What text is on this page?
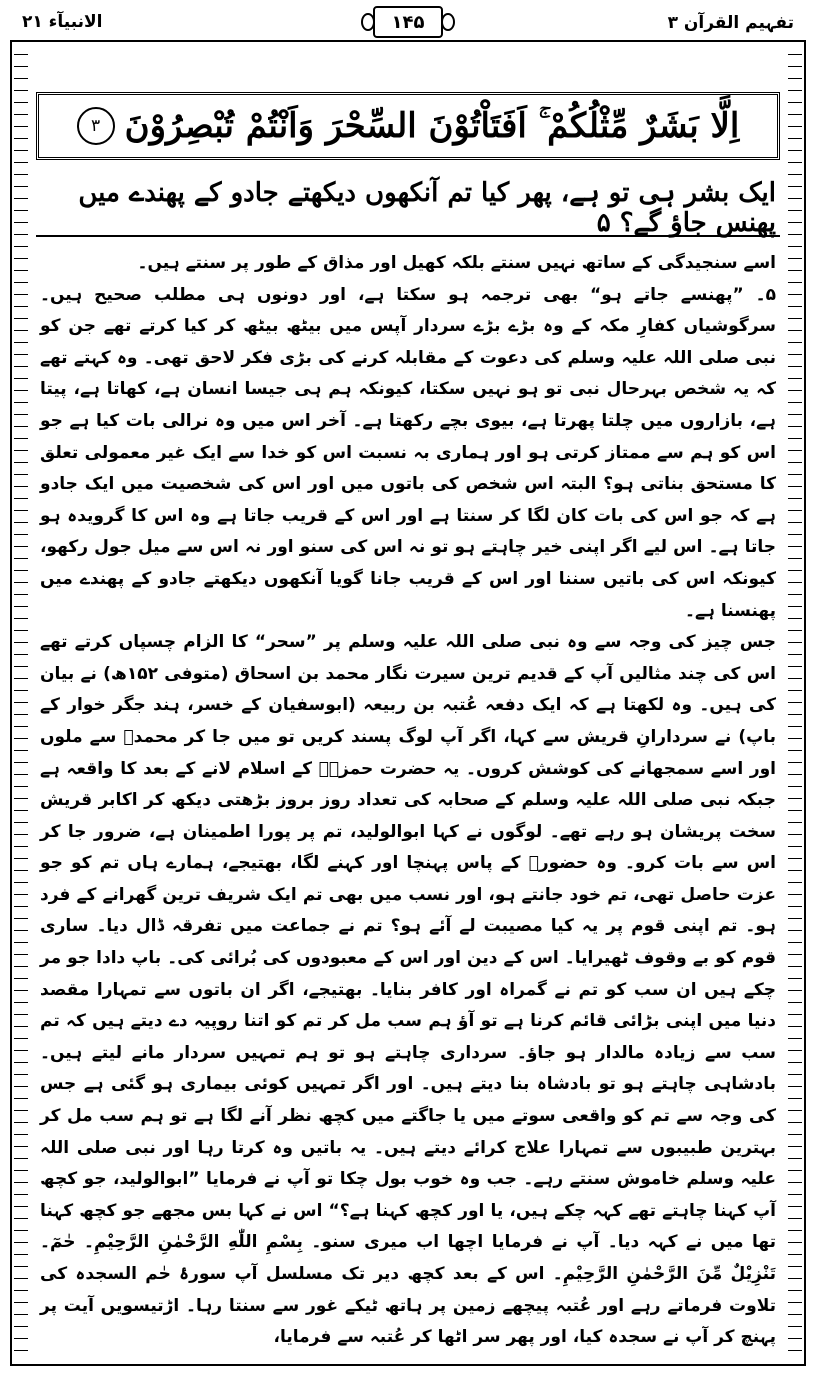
تفہیم القرآن ۳
۱۴۵
الانبیآء ۲۱
اِلَّا بَشَرٌ مِّثْلُكُمْ ۚ اَفَتَاْتُوْنَ السِّحْرَ وَاَنْتُمْ تُبْصِرُوْنَ
۳
ایک بشر ہی تو ہے، پھر کیا تم آنکھوں دیکھتے جادو کے پھندے میں پھنس جاؤ گے؟ ۵

اسے سنجیدگی کے ساتھ نہیں سنتے بلکہ کھیل اور مذاق کے طور پر سنتے ہیں۔

۵۔ ”پھنسے جاتے ہو“ بھی ترجمہ ہو سکتا ہے، اور دونوں ہی مطلب صحیح ہیں۔ سرگوشیاں کفارِ مکہ کے وہ بڑے بڑے سردار آپس میں بیٹھ بیٹھ کر کیا کرتے تھے جن کو نبی صلی اللہ علیہ وسلم کی دعوت کے مقابلہ کرنے کی بڑی فکر لاحق تھی۔ وہ کہتے تھے کہ یہ شخص بہرحال نبی تو ہو نہیں سکتا، کیونکہ ہم ہی جیسا انسان ہے، کھاتا ہے، پیتا ہے، بازاروں میں چلتا پھرتا ہے، بیوی بچے رکھتا ہے۔ آخر اس میں وہ نرالی بات کیا ہے جو اس کو ہم سے ممتاز کرتی ہو اور ہماری بہ نسبت اس کو خدا سے ایک غیر معمولی تعلق کا مستحق بناتی ہو؟ البتہ اس شخص کی باتوں میں اور اس کی شخصیت میں ایک جادو ہے کہ جو اس کی بات کان لگا کر سنتا ہے اور اس کے قریب جاتا ہے وہ اس کا گرویدہ ہو جاتا ہے۔ اس لیے اگر اپنی خیر چاہتے ہو تو نہ اس کی سنو اور نہ اس سے میل جول رکھو، کیونکہ اس کی باتیں سننا اور اس کے قریب جانا گویا آنکھوں دیکھتے جادو کے پھندے میں پھنسنا ہے۔

جس چیز کی وجہ سے وہ نبی صلی اللہ علیہ وسلم پر ”سحر“ کا الزام چسپاں کرتے تھے اس کی چند مثالیں آپ کے قدیم ترین سیرت نگار محمد بن اسحاق (متوفی ۱۵۲ھ) نے بیان کی ہیں۔ وہ لکھتا ہے کہ ایک دفعہ عُتبہ بن ربیعہ (ابوسفیان کے خسر، ہند جگر خوار کے باپ) نے سردارانِ قریش سے کہا، اگر آپ لوگ پسند کریں تو میں جا کر محمدؐ سے ملوں اور اسے سمجھانے کی کوشش کروں۔ یہ حضرت حمزہؓ کے اسلام لانے کے بعد کا واقعہ ہے جبکہ نبی صلی اللہ علیہ وسلم کے صحابہ کی تعداد روز بروز بڑھتی دیکھ کر اکابر قریش سخت پریشان ہو رہے تھے۔ لوگوں نے کہا ابوالولید، تم پر پورا اطمینان ہے، ضرور جا کر اس سے بات کرو۔ وہ حضورؐ کے پاس پہنچا اور کہنے لگا، بھتیجے، ہمارے ہاں تم کو جو عزت حاصل تھی، تم خود جانتے ہو، اور نسب میں بھی تم ایک شریف ترین گھرانے کے فرد ہو۔ تم اپنی قوم پر یہ کیا مصیبت لے آئے ہو؟ تم نے جماعت میں تفرقہ ڈال دیا۔ ساری قوم کو بے وقوف ٹھیرایا۔ اس کے دین اور اس کے معبودوں کی بُرائی کی۔ باپ دادا جو مر چکے ہیں ان سب کو تم نے گمراہ اور کافر بنایا۔ بھتیجے، اگر ان باتوں سے تمہارا مقصد دنیا میں اپنی بڑائی قائم کرنا ہے تو آؤ ہم سب مل کر تم کو اتنا روپیہ دے دیتے ہیں کہ تم سب سے زیادہ مالدار ہو جاؤ۔ سرداری چاہتے ہو تو ہم تمہیں سردار مانے لیتے ہیں۔ بادشاہی چاہتے ہو تو بادشاہ بنا دیتے ہیں۔ اور اگر تمہیں کوئی بیماری ہو گئی ہے جس کی وجہ سے تم کو واقعی سوتے میں یا جاگتے میں کچھ نظر آنے لگا ہے تو ہم سب مل کر بہترین طبیبوں سے تمہارا علاج کرائے دیتے ہیں۔ یہ باتیں وہ کرتا رہا اور نبی صلی اللہ علیہ وسلم خاموش سنتے رہے۔ جب وہ خوب بول چکا تو آپ نے فرمایا ”ابوالولید، جو کچھ آپ کہنا چاہتے تھے کہہ چکے ہیں، یا اور کچھ کہنا ہے؟“ اس نے کہا بس مجھے جو کچھ کہنا تھا میں نے کہہ دیا۔ آپ نے فرمایا اچھا اب میری سنو۔ بِسْمِ اللّٰهِ الرَّحْمٰنِ الرَّحِيْمِ۔ حٰمٓ۔ تَنْزِيْلٌ مِّنَ الرَّحْمٰنِ الرَّحِيْمِ۔ اس کے بعد کچھ دیر تک مسلسل آپ سورۂ حٰم السجدہ کی تلاوت فرماتے رہے اور عُتبہ پیچھے زمین پر ہاتھ ٹیکے غور سے سنتا رہا۔ اڑتیسویں آیت پر پہنچ کر آپ نے سجدہ کیا، اور پھر سر اٹھا کر عُتبہ سے فرمایا،
